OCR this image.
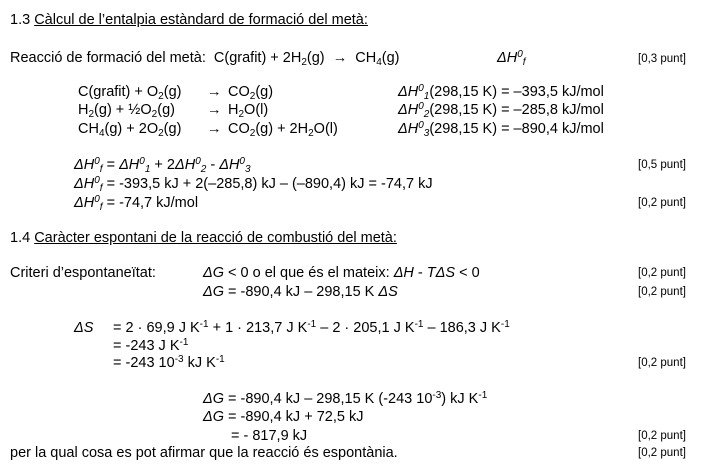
1.3 Càlcul de l’entalpia estàndard de formació del metà:
Reacció de formació del metà: C(grafit) + $2H_2(g) \to CH_4(g)$	$\Delta H^0_f$	[0,3 punt]
C(grafit) + $O_2(g) \to CO_2(g)$	$\Delta H^0_1(298,15$ K) = –393,5 kJ/mol
$H_2(g)$ + $\frac{1}{2}O_2(g) \to H_2O(l)$	$\Delta H^0_2(298,15$ K) = –285,8 kJ/mol
$CH_4(g) + 2O_2(g) \to CO_2(g) + 2H_2O(l)$	$\Delta H^0_3(298,15$ K) = –890,4 kJ/mol
$\Delta H^0_f = \Delta H^0_1 + 2\Delta H^0_2 - \Delta H^0_3$	[0,5 punt]
$\Delta H^0_f = -393,5$ kJ + 2(–285,8) kJ – (–890,4) kJ = -74,7 kJ
$\Delta H^0_f = -74,7$ kJ/mol	[0,2 punt]
1.4 Caràcter espontani de la reacció de combustió del metà:
Criteri d’espontaneïtat:	ΔG < 0 o el que és el mateix: ΔH - TΔS < 0	[0,2 punt]
ΔG = -890,4 kJ – 298,15 K ΔS	[0,2 punt]
ΔS = 2 · 69,9 J $K^{-1} + 1 \cdot 213,7$ J $K^{-1} - 2 \cdot 205,1$ J $K^{-1} - 186,3$ J $K^{-1}$
= -243 J $K^{-1}$
= -243 $10^{-3}$ kJ $K^{-1}$	[0,2 punt]
ΔG = -890,4 kJ – 298,15 K (-243 $10^{-3}$) kJ $K^{-1}$
ΔG = -890,4 kJ + 72,5 kJ
= - 817,9 kJ	[0,2 punt]
per la qual cosa es pot afirmar que la reacció és espontània.	[0,2 punt]
